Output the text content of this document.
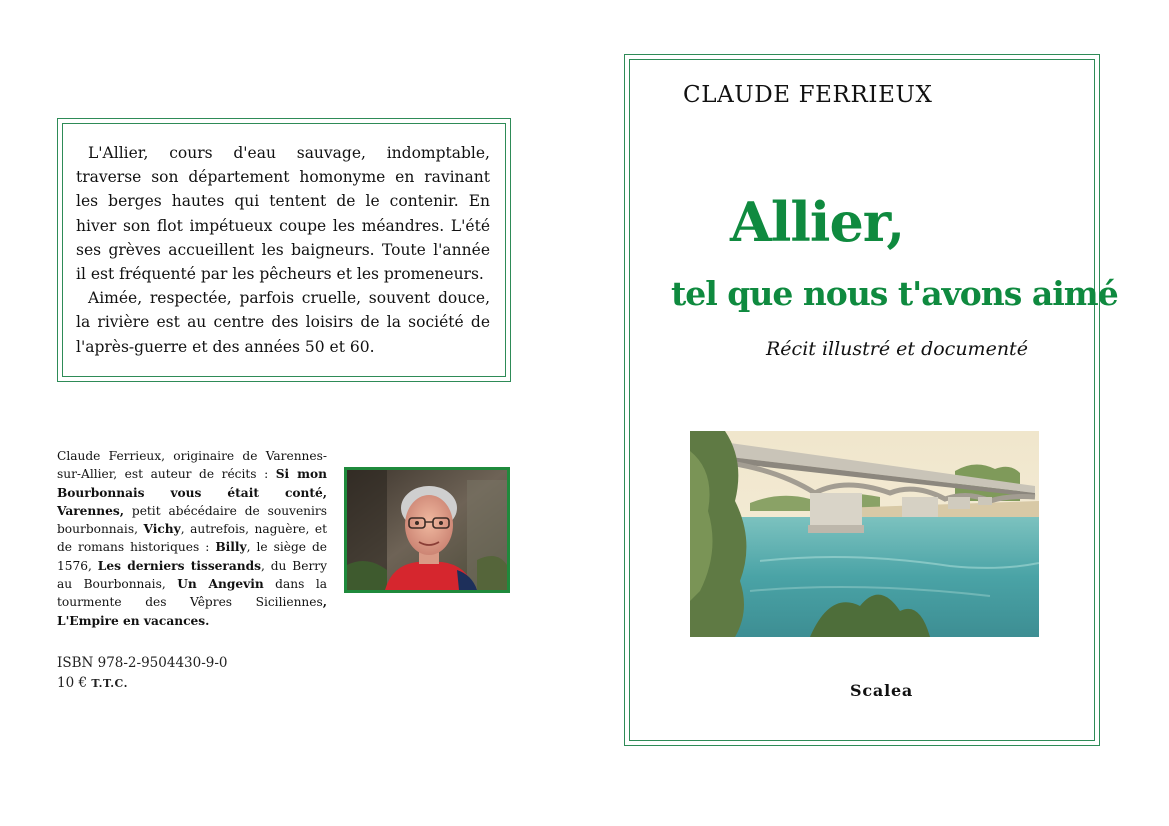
L'Allier, cours d'eau sauvage, indomptable, traverse son département homonyme en ravinant les berges hautes qui tentent de le contenir. En hiver son flot impétueux coupe les méandres. L'été ses grèves accueillent les baigneurs. Toute l'année il est fréquenté par les pêcheurs et les promeneurs.

Aimée, respectée, parfois cruelle, souvent douce, la rivière est au centre des loisirs de la société de l'après-guerre et des années 50 et 60.

Claude Ferrieux, originaire de Varennes-sur-Allier, est auteur de récits : Si mon Bourbonnais vous était conté, Varennes, petit abécédaire de souvenirs bourbonnais, Vichy, autrefois, naguère, et de romans historiques : Billy, le siège de 1576, Les derniers tisserands, du Berry au Bourbonnais, Un Angevin dans la tourmente des Vêpres Siciliennes, L'Empire en vacances.
ISBN 978-2-9504430-9-0
10 € T.T.C.
CLAUDE FERRIEUX
Allier,
tel que nous t'avons aimé
Récit illustré et documenté
Scalea
